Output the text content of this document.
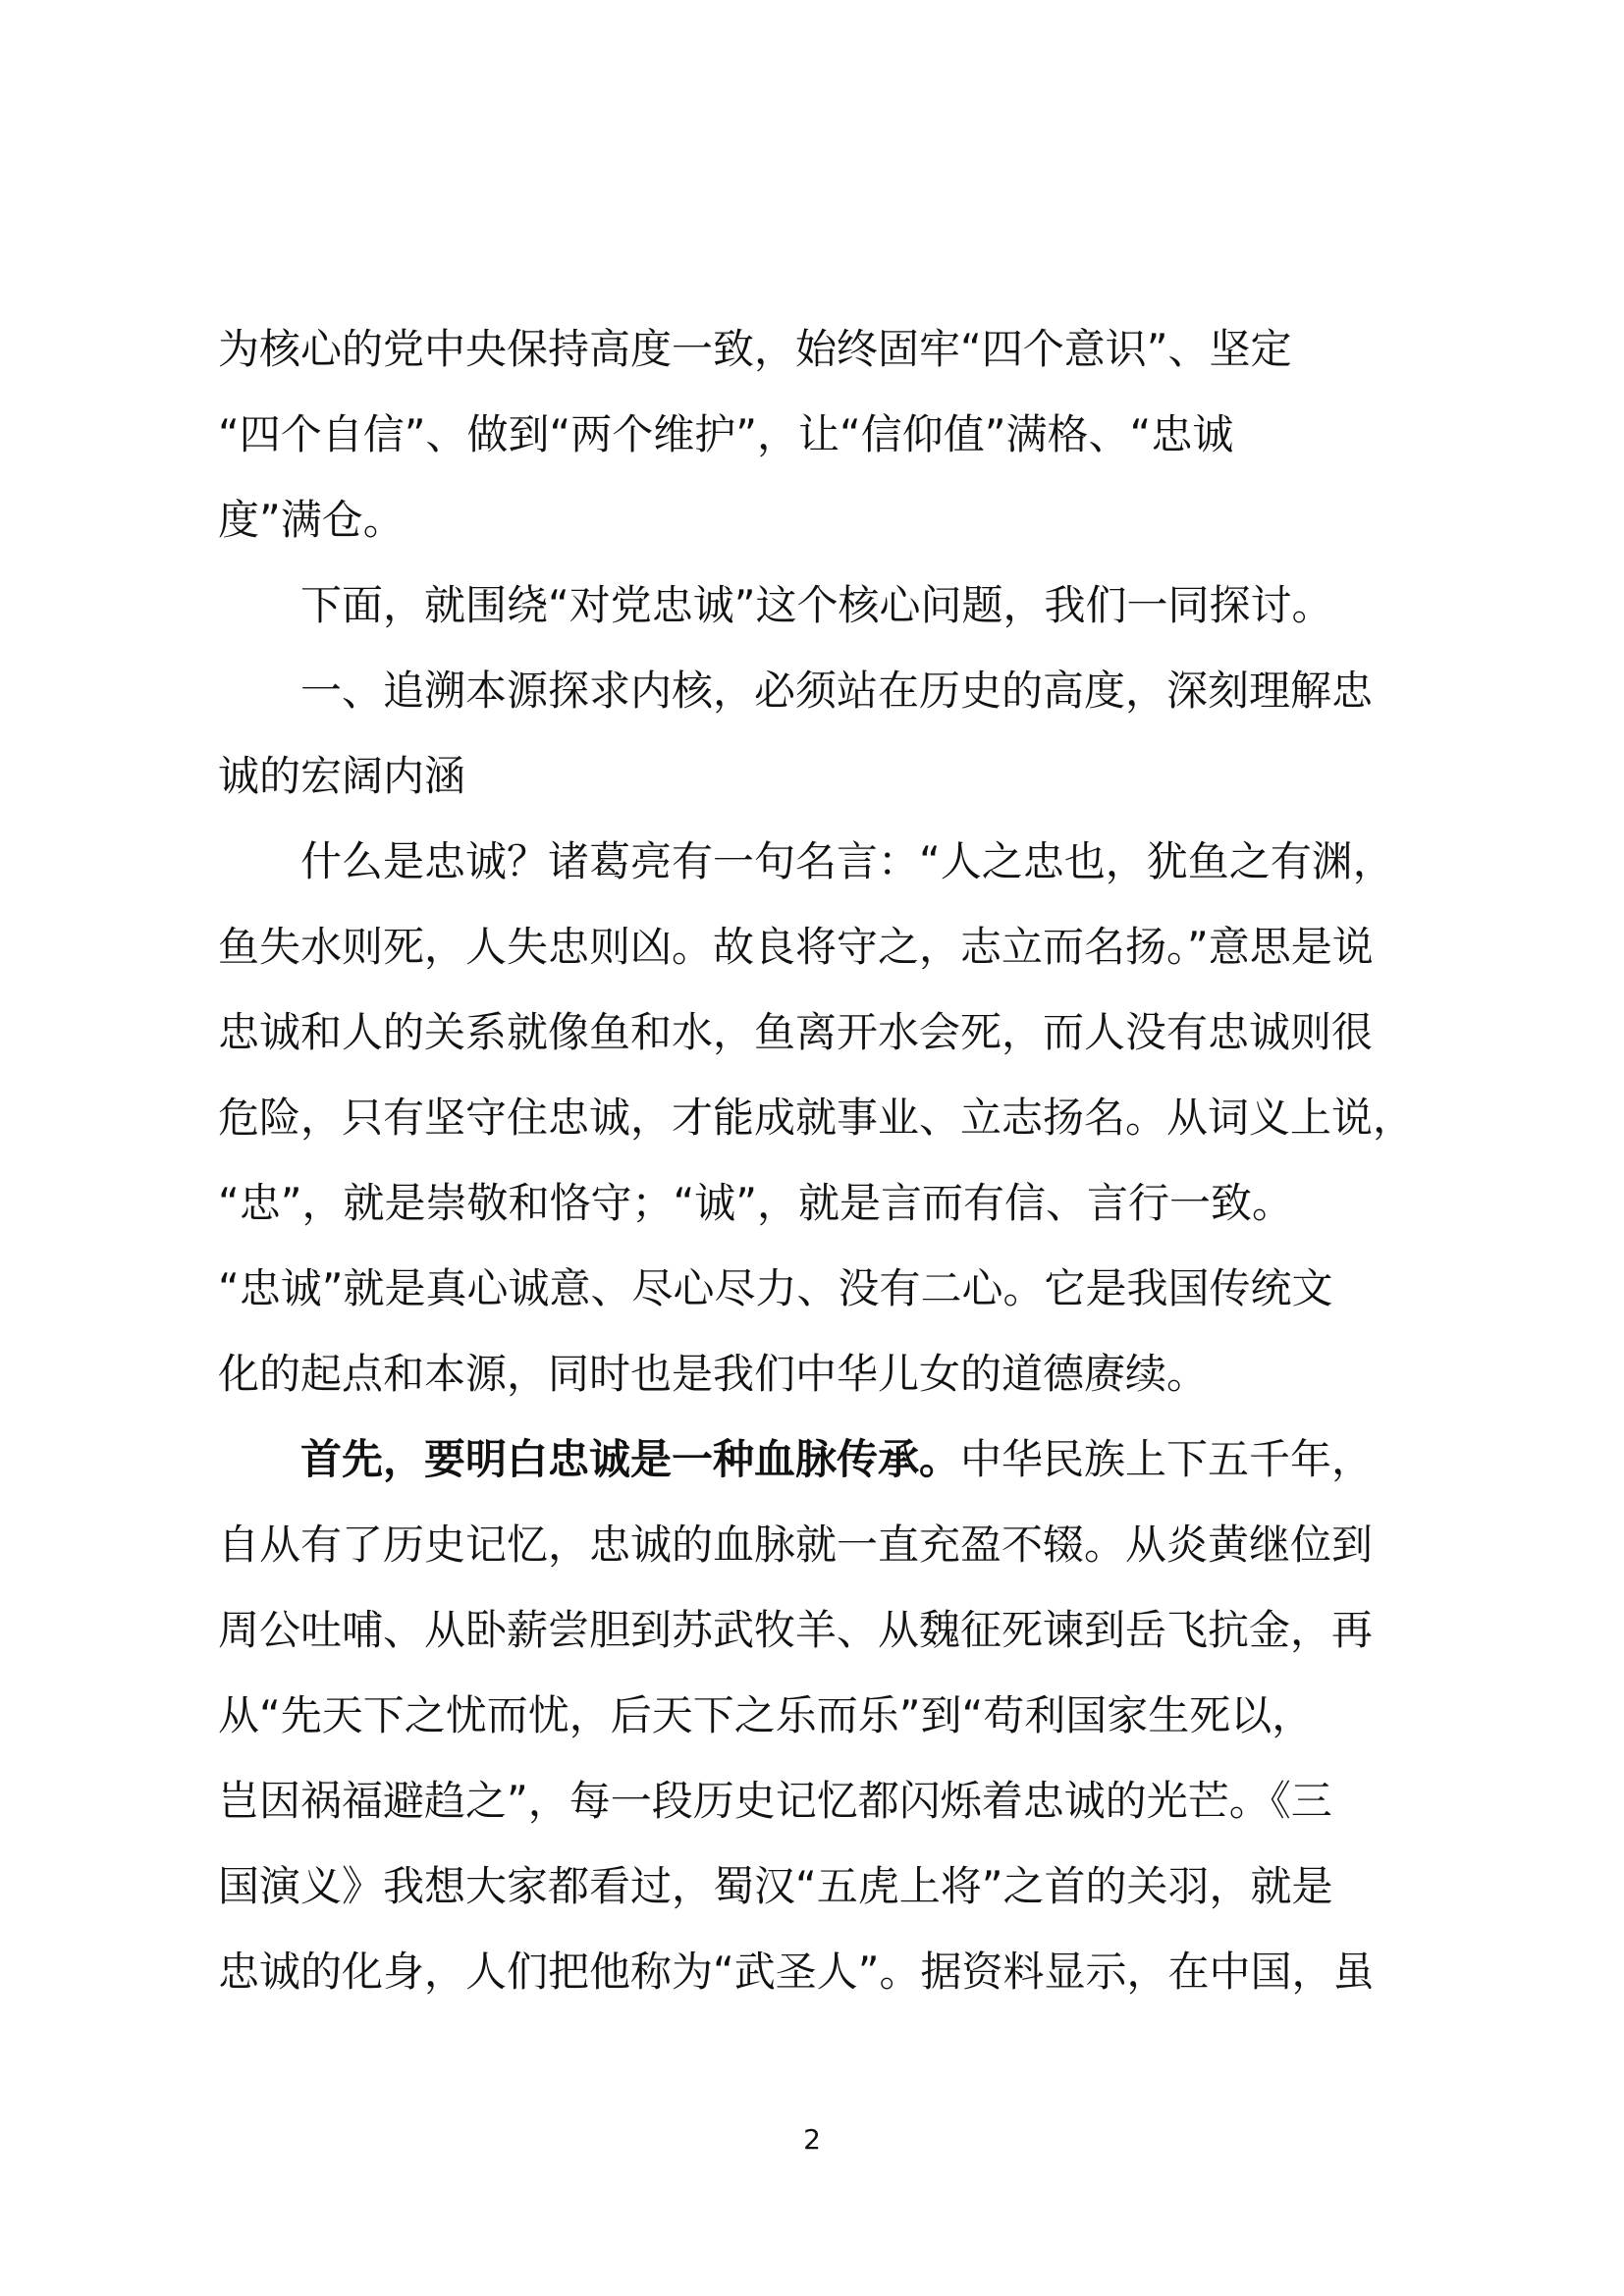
为核心的党中央保持高度一致，始终固牢“四个意识”、坚定
“四个自信”、做到“两个维护”，让“信仰值”满格、“忠诚
度”满仓。
　　下面，就围绕“对党忠诚”这个核心问题，我们一同探讨。
　　一、追溯本源探求内核，必须站在历史的高度，深刻理解忠
诚的宏阔内涵
　　什么是忠诚？诸葛亮有一句名言：“人之忠也，犹鱼之有渊，
鱼失水则死，人失忠则凶。故良将守之，志立而名扬。”意思是说
忠诚和人的关系就像鱼和水，鱼离开水会死，而人没有忠诚则很
危险，只有坚守住忠诚，才能成就事业、立志扬名。从词义上说，
“忠”，就是崇敬和恪守；“诚”，就是言而有信、言行一致。
“忠诚”就是真心诚意、尽心尽力、没有二心。它是我国传统文
化的起点和本源，同时也是我们中华儿女的道德赓续。
　　首先，要明白忠诚是一种血脉传承。中华民族上下五千年，
自从有了历史记忆，忠诚的血脉就一直充盈不辍。从炎黄继位到
周公吐哺、从卧薪尝胆到苏武牧羊、从魏征死谏到岳飞抗金，再
从“先天下之忧而忧，后天下之乐而乐”到“苟利国家生死以，
岂因祸福避趋之”，每一段历史记忆都闪烁着忠诚的光芒。《三
国演义》我想大家都看过，蜀汉“五虎上将”之首的关羽，就是
忠诚的化身，人们把他称为“武圣人”。据资料显示，在中国，虽
2
